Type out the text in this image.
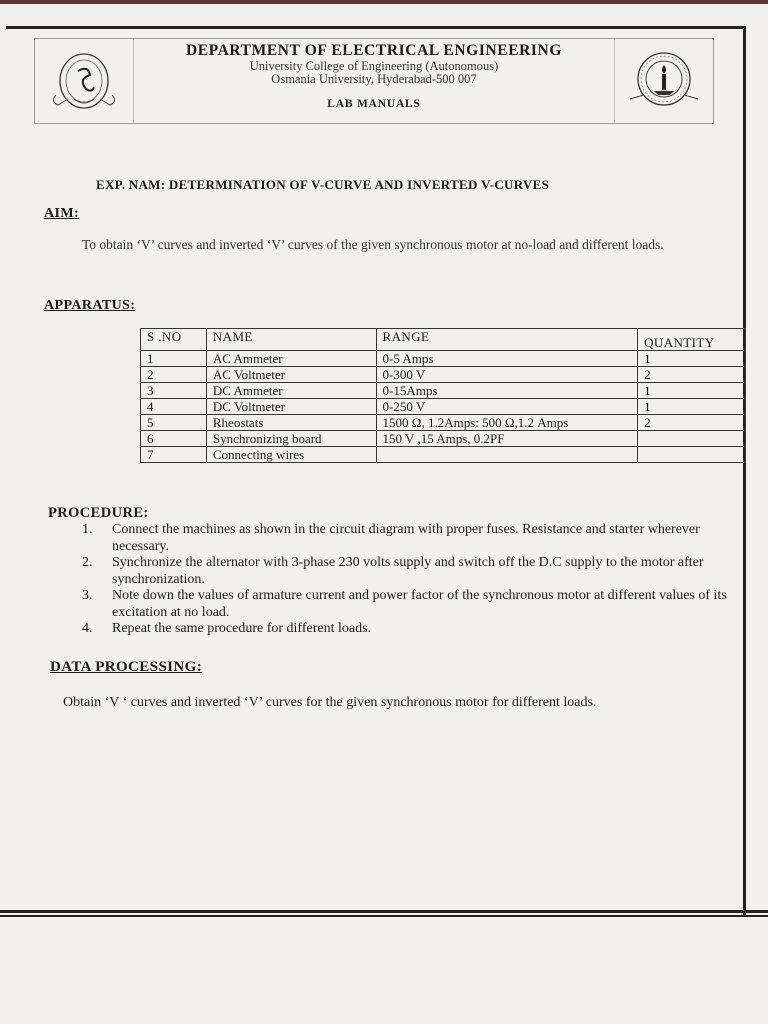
DEPARTMENT OF ELECTRICAL ENGINEERING
University College of Engineering (Autonomous)
Osmania University, Hyderabad-500 007
LAB MANUALS
EXP. NAM: DETERMINATION OF V-CURVE AND INVERTED V-CURVES
AIM:
To obtain ‘V’ curves and inverted ‘V’ curves of the given synchronous motor at no-load and different loads.
APPARATUS:
S .NO	NAME	RANGE	QUANTITY
1	AC Ammeter	0-5 Amps	1
2	AC Voltmeter	0-300 V	2
3	DC Ammeter	0-15Amps	1
4	DC Voltmeter	0-250 V	1
5	Rheostats	1500 Ω, 1.2Amps: 500 Ω,1.2 Amps	2
6	Synchronizing board	150 V ,15 Amps, 0.2PF	
7	Connecting wires		
PROCEDURE:
1.	Connect the machines as shown in the circuit diagram with proper fuses. Resistance and starter wherever necessary.
2.	Synchronize the alternator with 3-phase 230 volts supply and switch off the D.C supply to the motor after synchronization.
3.	Note down the values of armature current and power factor of the synchronous motor at different values of its excitation at no load.
4.	Repeat the same procedure for different loads.
DATA PROCESSING:
Obtain ‘V ‘ curves and inverted ‘V’ curves for the given synchronous motor for different loads.
